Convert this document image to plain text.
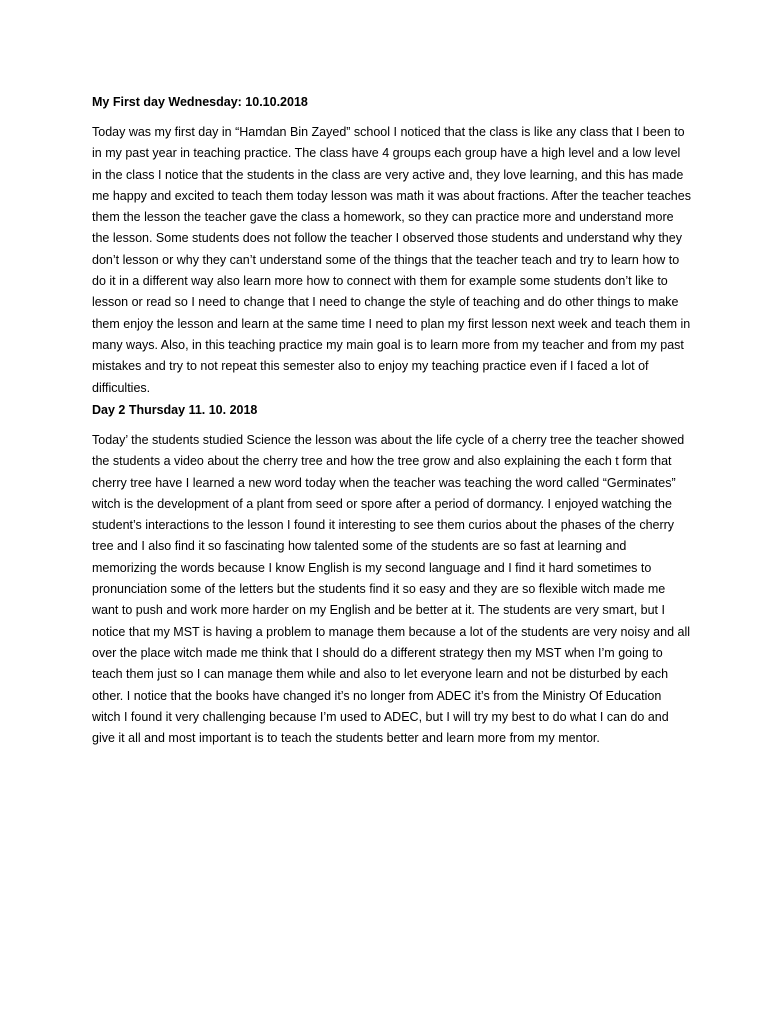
My First day Wednesday: 10.10.2018

Today was my first day in “Hamdan Bin Zayed” school I noticed that the class is like any class that I been to in my past year in teaching practice. The class have 4 groups each group have a high level and a low level in the class I notice that the students in the class are very active and, they love learning, and this has made me happy and excited to teach them today lesson was math it was about fractions. After the teacher teaches them the lesson the teacher gave the class a homework, so they can practice more and understand more the lesson. Some students does not follow the teacher I observed those students and understand why they don’t lesson or why they can’t understand some of the things that the teacher teach and try to learn how to do it in a different way also learn more how to connect with them for example some students don’t like to lesson or read so I need to change that I need to change the style of teaching and do other things to make them enjoy the lesson and learn at the same time I need to plan my first lesson next week and teach them in many ways. Also, in this teaching practice my main goal is to learn more from my teacher and from my past mistakes and try to not repeat this semester also to enjoy my teaching practice even if I faced a lot of difficulties.

Day 2 Thursday 11. 10. 2018

Today’ the students studied Science the lesson was about the life cycle of a cherry tree the teacher showed the students a video about the cherry tree and how the tree grow and also explaining the each t form that cherry tree have I learned a new word today when the teacher was teaching the word called “Germinates” witch is the development of a plant from seed or spore after a period of dormancy. I enjoyed watching the student’s interactions to the lesson I found it interesting to see them curios about the phases of the cherry tree and I also find it so fascinating how talented some of the students are so fast at learning and memorizing the words because I know English is my second language and I find it hard sometimes to pronunciation some of the letters but the students find it so easy and they are so flexible witch made me want to push and work more harder on my English and be better at it. The students are very smart, but I notice that my MST is having a problem to manage them because a lot of the students are very noisy and all over the place witch made me think that I should do a different strategy then my MST when I’m going to teach them just so I can manage them while and also to let everyone learn and not be disturbed by each other. I notice that the books have changed it’s no longer from ADEC it’s from the Ministry Of Education witch I found it very challenging because I’m used to ADEC, but I will try my best to do what I can do and give it all and most important is to teach the students better and learn more from my mentor.
